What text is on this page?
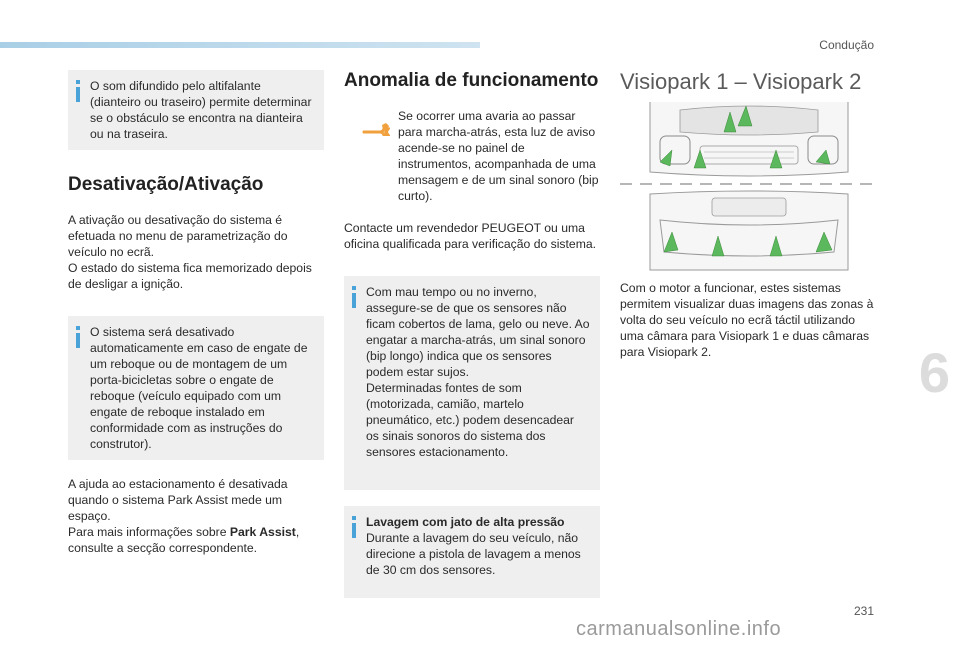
Condução
6
231
carmanualsonline.info

O som difundido pelo altifalante (dianteiro ou traseiro) permite determinar se o obstáculo se encontra na dianteira ou na traseira.

Desativação/Ativação

A ativação ou desativação do sistema é efetuada no menu de parametrização do veículo no ecrã.

O estado do sistema fica memorizado depois de desligar a ignição.

O sistema será desativado automaticamente em caso de engate de um reboque ou de montagem de um porta-bicicletas sobre o engate de reboque (veículo equipado com um engate de reboque instalado em conformidade com as instruções do construtor).

A ajuda ao estacionamento é desativada quando o sistema Park Assist mede um espaço.

Para mais informações sobre Park Assist, consulte a secção correspondente.

Anomalia de funcionamento

Se ocorrer uma avaria ao passar para marcha-atrás, esta luz de aviso acende-se no painel de instrumentos, acompanhada de uma mensagem e de um sinal sonoro (bip curto).

Contacte um revendedor PEUGEOT ou uma oficina qualificada para verificação do sistema.

Com mau tempo ou no inverno, assegure-se de que os sensores não ficam cobertos de lama, gelo ou neve. Ao engatar a marcha-atrás, um sinal sonoro (bip longo) indica que os sensores podem estar sujos.

Determinadas fontes de som (motorizada, camião, martelo pneumático, etc.) podem desencadear os sinais sonoros do sistema dos sensores estacionamento.

Lavagem com jato de alta pressão

Durante a lavagem do seu veículo, não direcione a pistola de lavagem a menos de 30 cm dos sensores.

Visiopark 1 – Visiopark 2

Com o motor a funcionar, estes sistemas permitem visualizar duas imagens das zonas à volta do seu veículo no ecrã táctil utilizando uma câmara para Visiopark 1 e duas câmaras para Visiopark 2.
